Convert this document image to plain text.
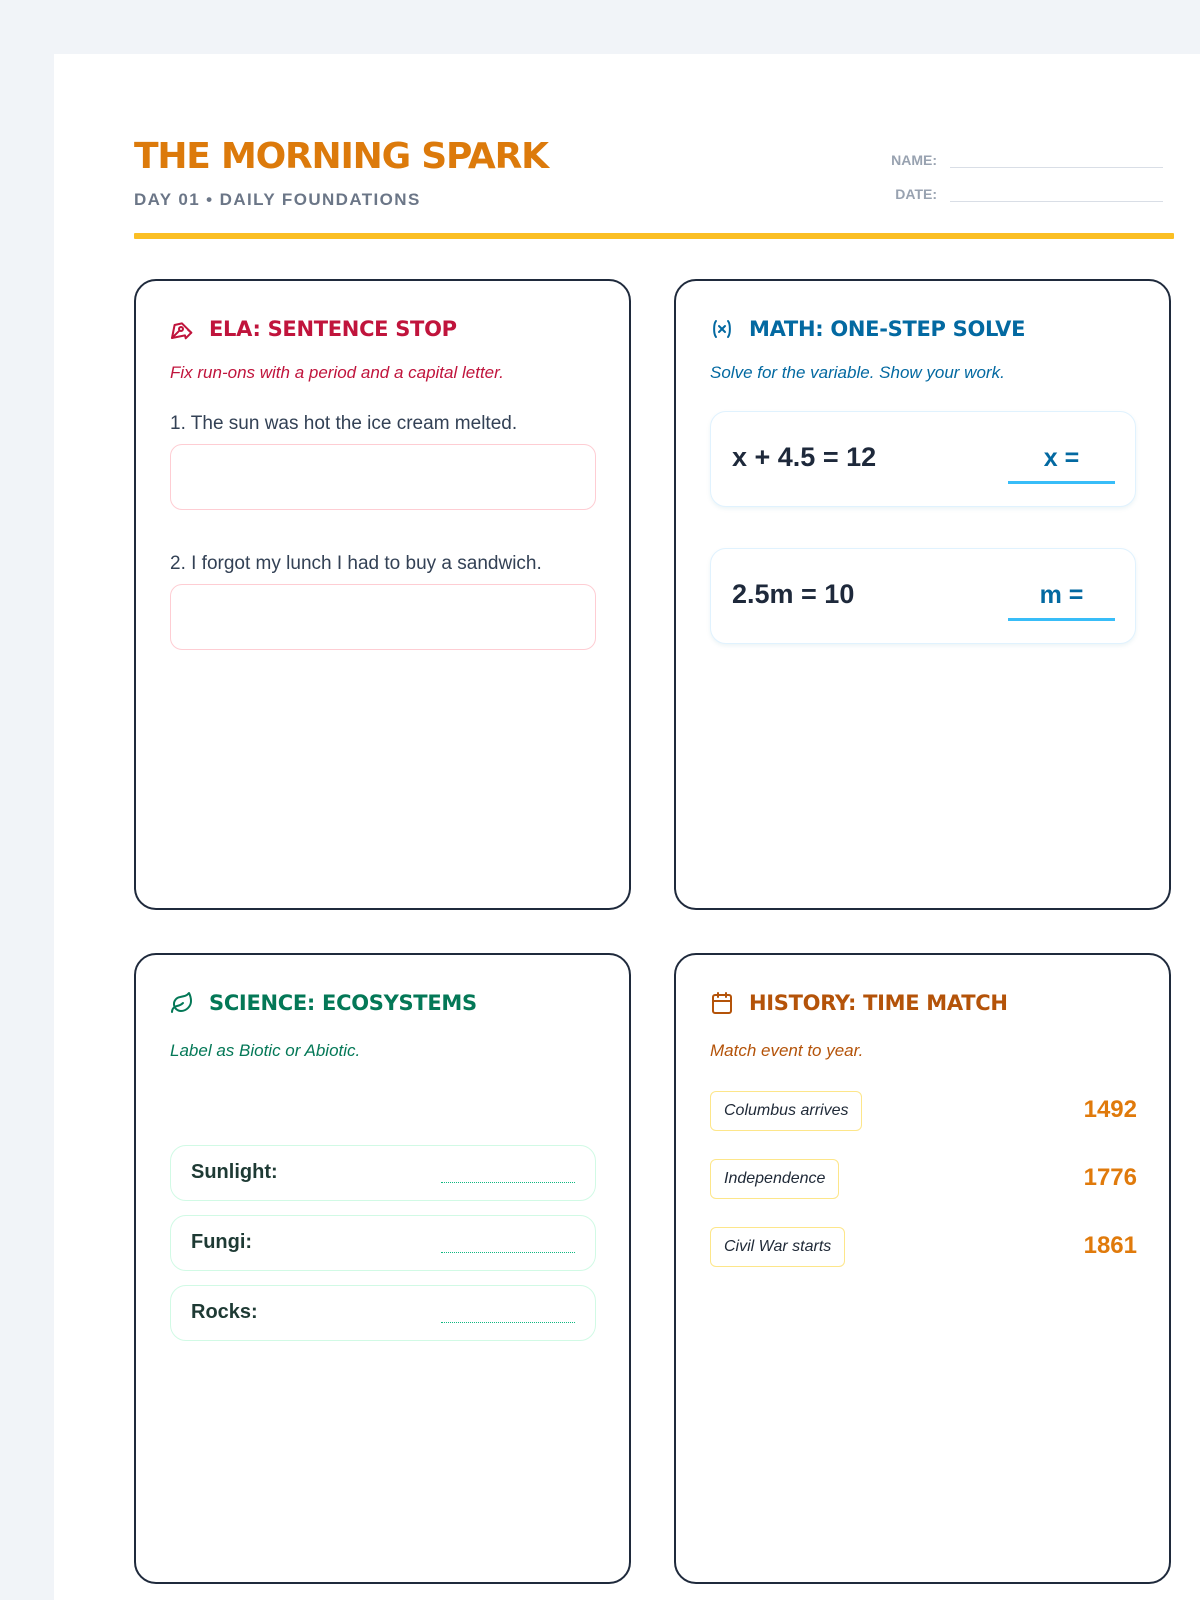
THE MORNING SPARK
DAY 01 • DAILY FOUNDATIONS
NAME:
DATE:
ELA: SENTENCE STOP
Fix run-ons with a period and a capital letter.
1. The sun was hot the ice cream melted.
2. I forgot my lunch I had to buy a sandwich.
MATH: ONE-STEP SOLVE
Solve for the variable. Show your work.
x + 4.5 = 12	x =
2.5m = 10	m =
SCIENCE: ECOSYSTEMS
Label as Biotic or Abiotic.
Sunlight:
Fungi:
Rocks:
HISTORY: TIME MATCH
Match event to year.
Columbus arrives	1492
Independence	1776
Civil War starts	1861
